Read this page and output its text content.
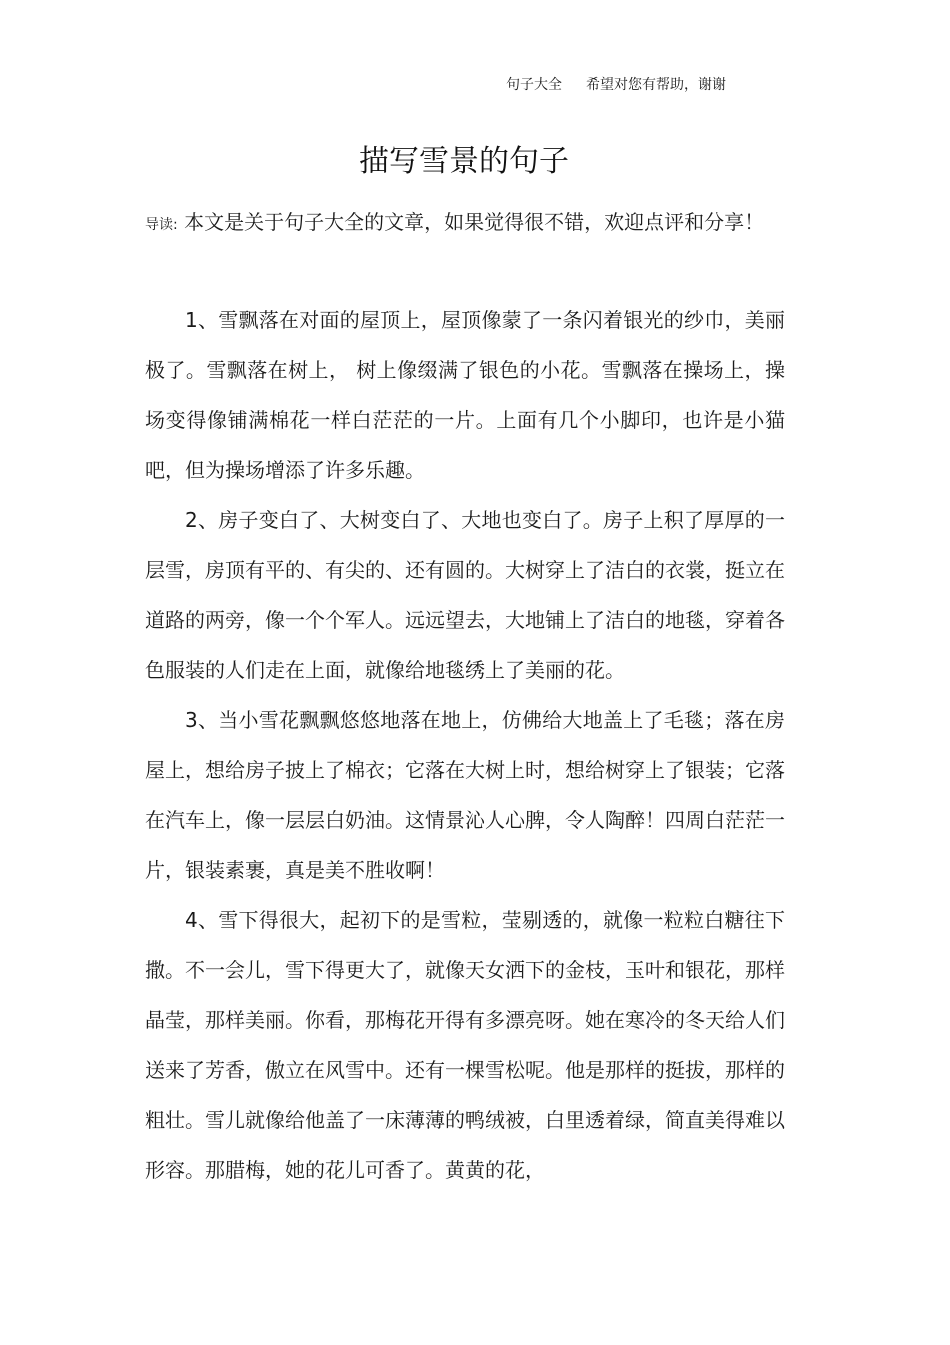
句子大全 希望对您有帮助，谢谢
描写雪景的句子
导读: 本文是关于句子大全的文章，如果觉得很不错，欢迎点评和分享！

1、雪飘落在对面的屋顶上，屋顶像蒙了一条闪着银光的纱巾，美丽极了。雪飘落在树上， 树上像缀满了银色的小花。雪飘落在操场上，操场变得像铺满棉花一样白茫茫的一片。上面有几个小脚印，也许是小猫吧，但为操场增添了许多乐趣。

2、房子变白了、大树变白了、大地也变白了。房子上积了厚厚的一层雪，房顶有平的、有尖的、还有圆的。大树穿上了洁白的衣裳，挺立在道路的两旁，像一个个军人。远远望去，大地铺上了洁白的地毯，穿着各色服装的人们走在上面，就像给地毯绣上了美丽的花。

3、当小雪花飘飘悠悠地落在地上，仿佛给大地盖上了毛毯；落在房屋上，想给房子披上了棉衣；它落在大树上时，想给树穿上了银装；它落在汽车上，像一层层白奶油。这情景沁人心脾，令人陶醉！四周白茫茫一片，银装素裹，真是美不胜收啊！

4、雪下得很大，起初下的是雪粒，莹剔透的，就像一粒粒白糖往下撒。不一会儿，雪下得更大了，就像天女洒下的金枝，玉叶和银花，那样晶莹，那样美丽。你看，那梅花开得有多漂亮呀。她在寒冷的冬天给人们送来了芳香，傲立在风雪中。还有一棵雪松呢。他是那样的挺拔，那样的粗壮。雪儿就像给他盖了一床薄薄的鸭绒被，白里透着绿，简直美得难以形容。那腊梅，她的花儿可香了。黄黄的花，
